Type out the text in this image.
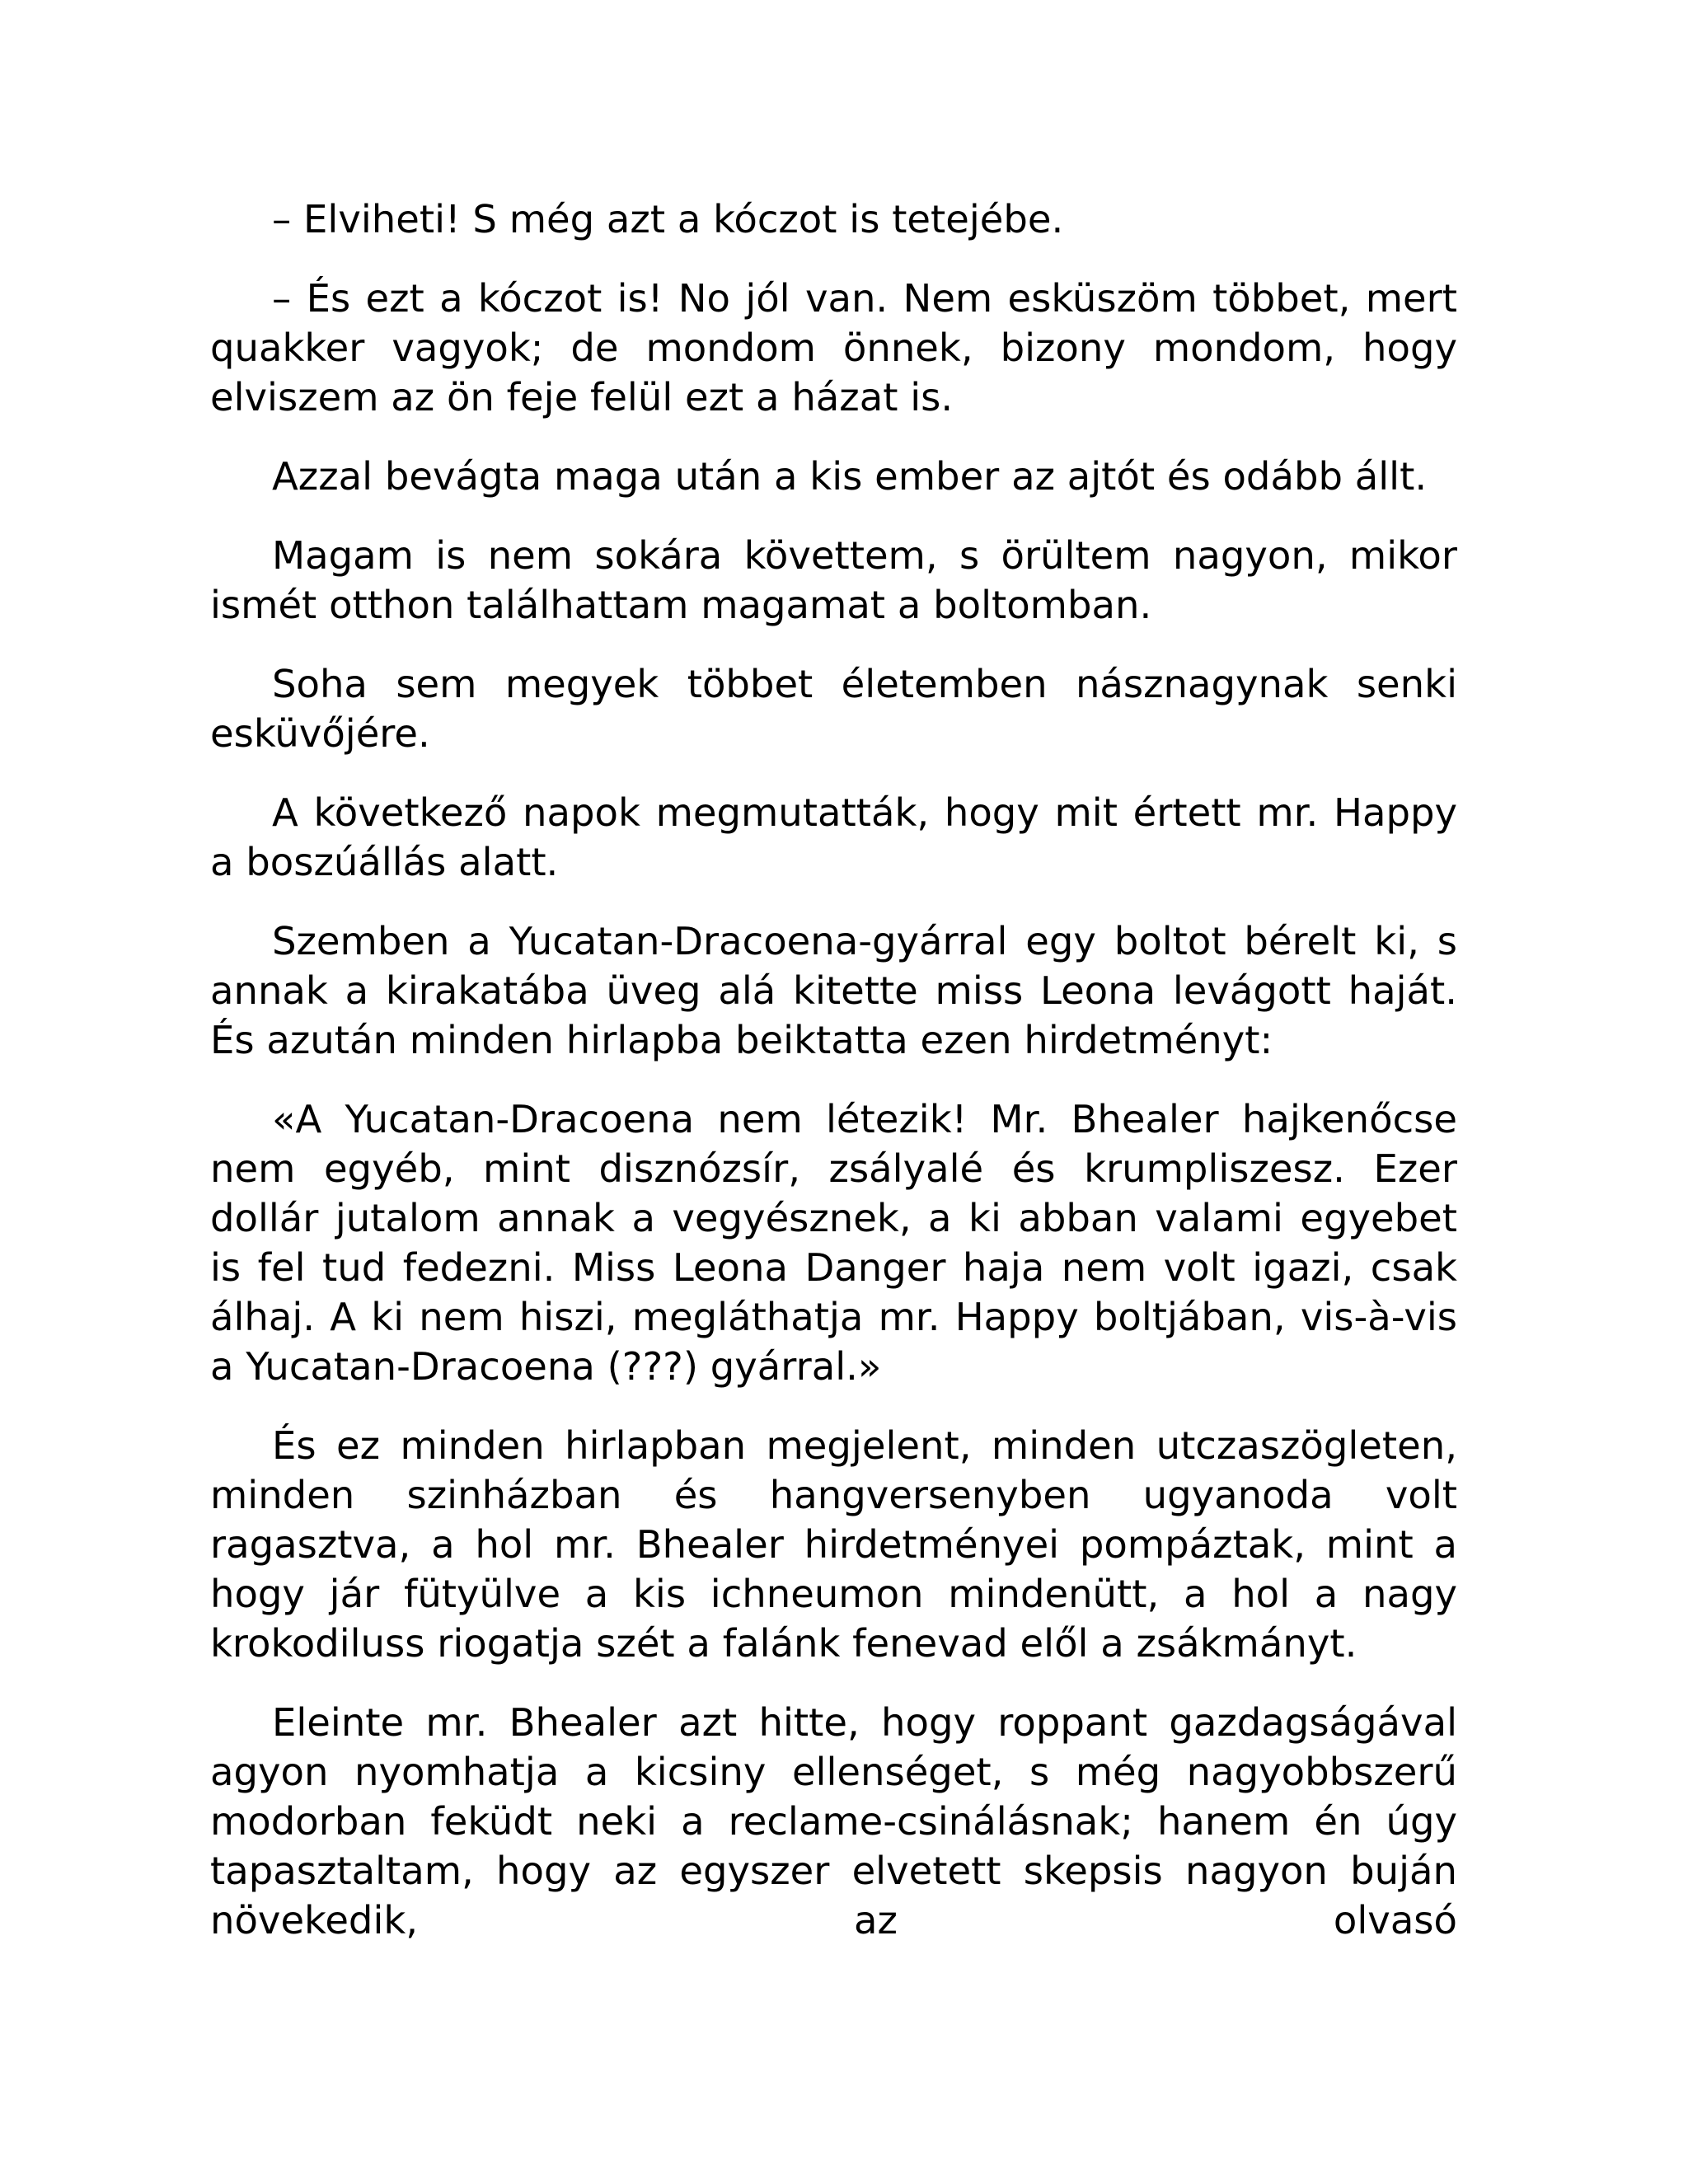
– Elviheti! S még azt a kóczot is tetejébe.

– És ezt a kóczot is! No jól van. Nem esküszöm többet, mert quakker vagyok; de mondom önnek, bizony mondom, hogy elviszem az ön feje felül ezt a házat is.

Azzal bevágta maga után a kis ember az ajtót és odább állt.

Magam is nem sokára követtem, s örültem nagyon, mikor ismét otthon találhattam magamat a boltomban.

Soha sem megyek többet életemben násznagynak senki esküvőjére.

A következő napok megmutatták, hogy mit értett mr. Happy a boszúállás alatt.

Szemben a Yucatan-Dracoena-gyárral egy boltot bérelt ki, s annak a kirakatába üveg alá kitette miss Leona levágott haját. És azután minden hirlapba beiktatta ezen hirdetményt:

«A Yucatan-Dracoena nem létezik! Mr. Bhealer hajkenőcse nem egyéb, mint disznózsír, zsályalé és krumpliszesz. Ezer dollár jutalom annak a vegyésznek, a ki abban valami egyebet is fel tud fedezni. Miss Leona Danger haja nem volt igazi, csak álhaj. A ki nem hiszi, megláthatja mr. Happy boltjában, vis-à-vis a Yucatan-Dracoena (???) gyárral.»

És ez minden hirlapban megjelent, minden utczaszögleten, minden szinházban és hangversenyben ugyanoda volt ragasztva, a hol mr. Bhealer hirdetményei pompáztak, mint a hogy jár fütyülve a kis ichneumon mindenütt, a hol a nagy krokodiluss riogatja szét a falánk fenevad elől a zsákmányt.

Eleinte mr. Bhealer azt hitte, hogy roppant gazdagságával agyon nyomhatja a kicsiny ellenséget, s még nagyobbszerű modorban feküdt neki a reclame-csinálásnak; hanem én úgy tapasztaltam, hogy az egyszer elvetett skepsis nagyon buján növekedik, az olvasó
